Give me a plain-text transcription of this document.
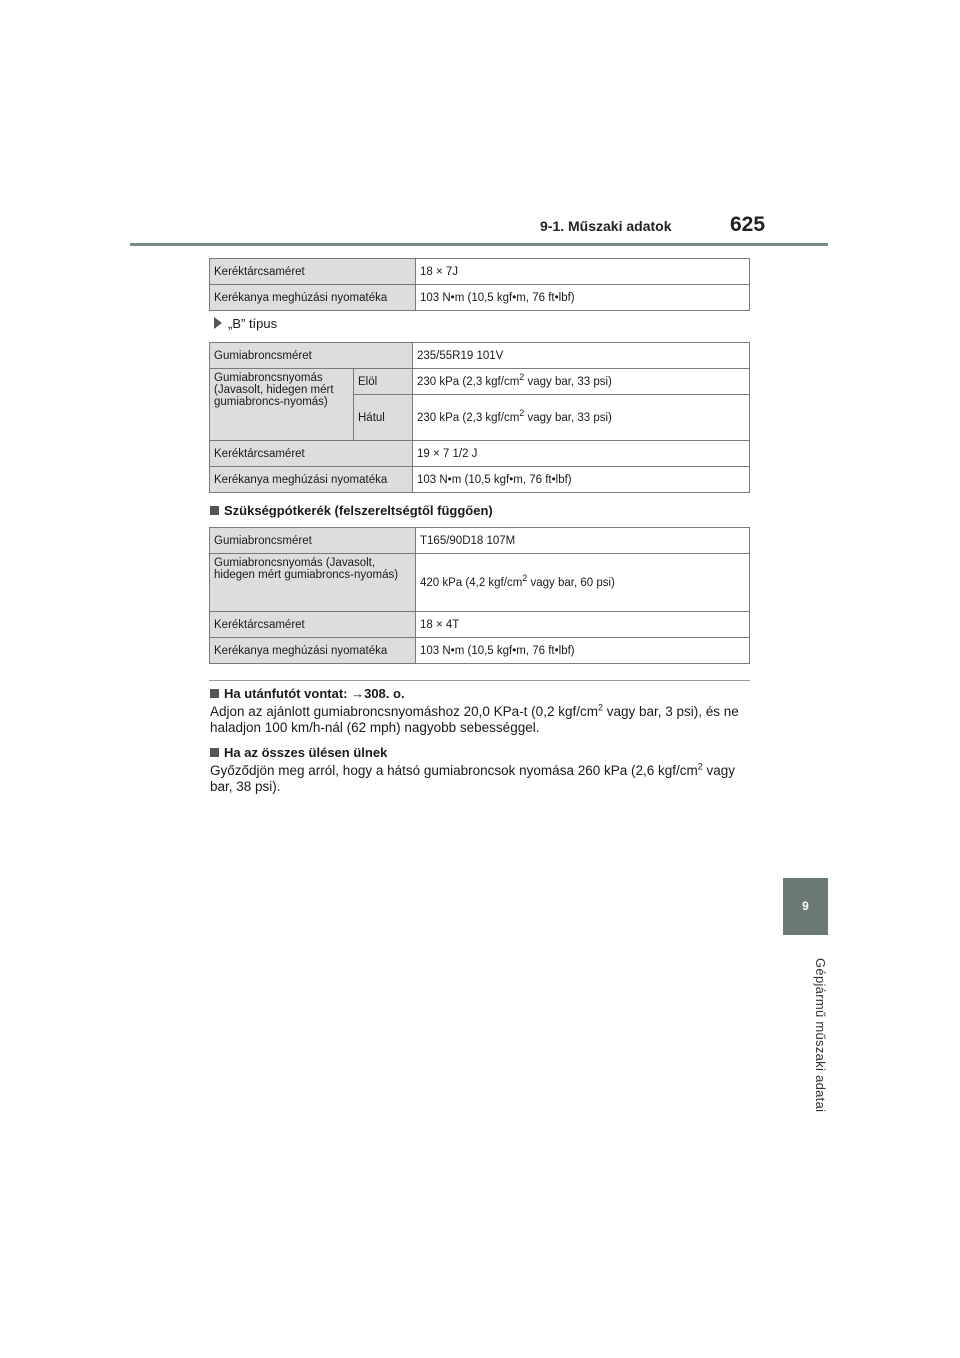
9-1. Műszaki adatok	625
9
Gépjármű műszaki adatai
Keréktárcsaméret	18 × 7J
Kerékanya meghúzási nyomatéka	103 N•m (10,5 kgf•m, 76 ft•lbf)
„B” típus
Gumiabroncsméret		235/55R19 101V
Gumiabroncsnyomás (Javasolt, hidegen mért gumiabroncs-nyomás)	Elöl	230 kPa (2,3 kgf/$cm^2$ vagy bar, 33 psi)
	Hátul	230 kPa (2,3 kgf/$cm^2$ vagy bar, 33 psi)
Keréktárcsaméret		19 × 7 1/2 J
Kerékanya meghúzási nyomatéka		103 N•m (10,5 kgf•m, 76 ft•lbf)
Szükségpótkerék (felszereltségtől függően)
Gumiabroncsméret	T165/90D18 107M
Gumiabroncsnyomás (Javasolt, hidegen mért gumiabroncs-nyomás)	420 kPa (4,2 kgf/$cm^2$ vagy bar, 60 psi)
Keréktárcsaméret	18 × 4T
Kerékanya meghúzási nyomatéka	103 N•m (10,5 kgf•m, 76 ft•lbf)
Ha utánfutót vontat: →308. o.
Adjon az ajánlott gumiabroncsnyomáshoz 20,0 KPa-t (0,2 kgf/$cm^2$ vagy bar, 3 psi), és ne haladjon 100 km/h-nál (62 mph) nagyobb sebességgel.
Ha az összes ülésen ülnek
Győződjön meg arról, hogy a hátsó gumiabroncsok nyomása 260 kPa (2,6 kgf/$cm^2$ vagy bar, 38 psi).
